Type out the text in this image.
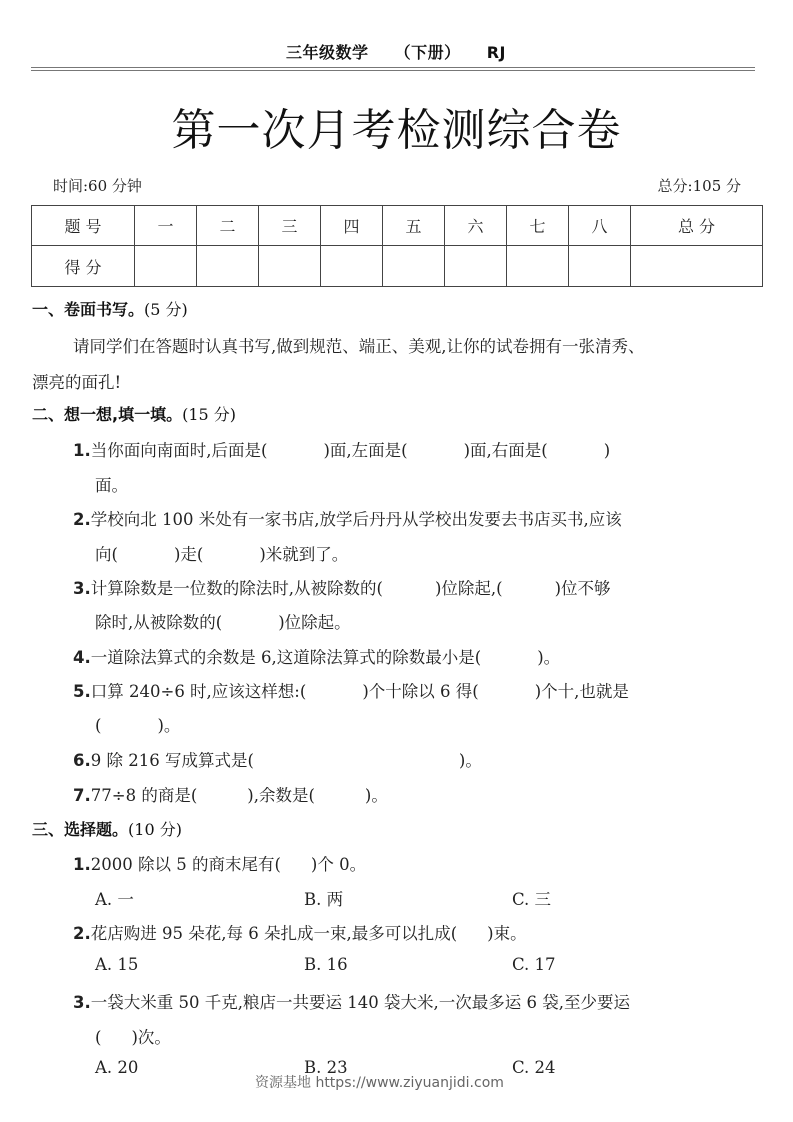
三年级数学 （下册） RJ
第一次月考检测综合卷
时间:60 分钟	总分:105 分
题 号	一	二	三	四	五	六	七	八	总 分
得 分									
一、卷面书写。(5 分)
请同学们在答题时认真书写,做到规范、端正、美观,让你的试卷拥有一张清秀、
漂亮的面孔!
二、想一想,填一填。(15 分)
1.当你面向南面时,后面是(	)面,左面是(	)面,右面是(	)
面。
2.学校向北 100 米处有一家书店,放学后丹丹从学校出发要去书店买书,应该
向(	)走(	)米就到了。
3.计算除数是一位数的除法时,从被除数的(	)位除起,(	)位不够
除时,从被除数的(	)位除起。
4.一道除法算式的余数是 6,这道除法算式的除数最小是(	)。
5.口算 240÷6 时,应该这样想:(	)个十除以 6 得(	)个十,也就是
(	)。
6.9 除 216 写成算式是(	)。
7.77÷8 的商是(	),余数是(	)。
三、选择题。(10 分)
1.2000 除以 5 的商末尾有( )个 0。
A. 一	B. 两	C. 三
2.花店购进 95 朵花,每 6 朵扎成一束,最多可以扎成( )束。
A. 15	B. 16	C. 17
3.一袋大米重 50 千克,粮店一共要运 140 袋大米,一次最多运 6 袋,至少要运
( )次。
A. 20	B. 23	C. 24
资源基地 https://www.ziyuanjidi.com
